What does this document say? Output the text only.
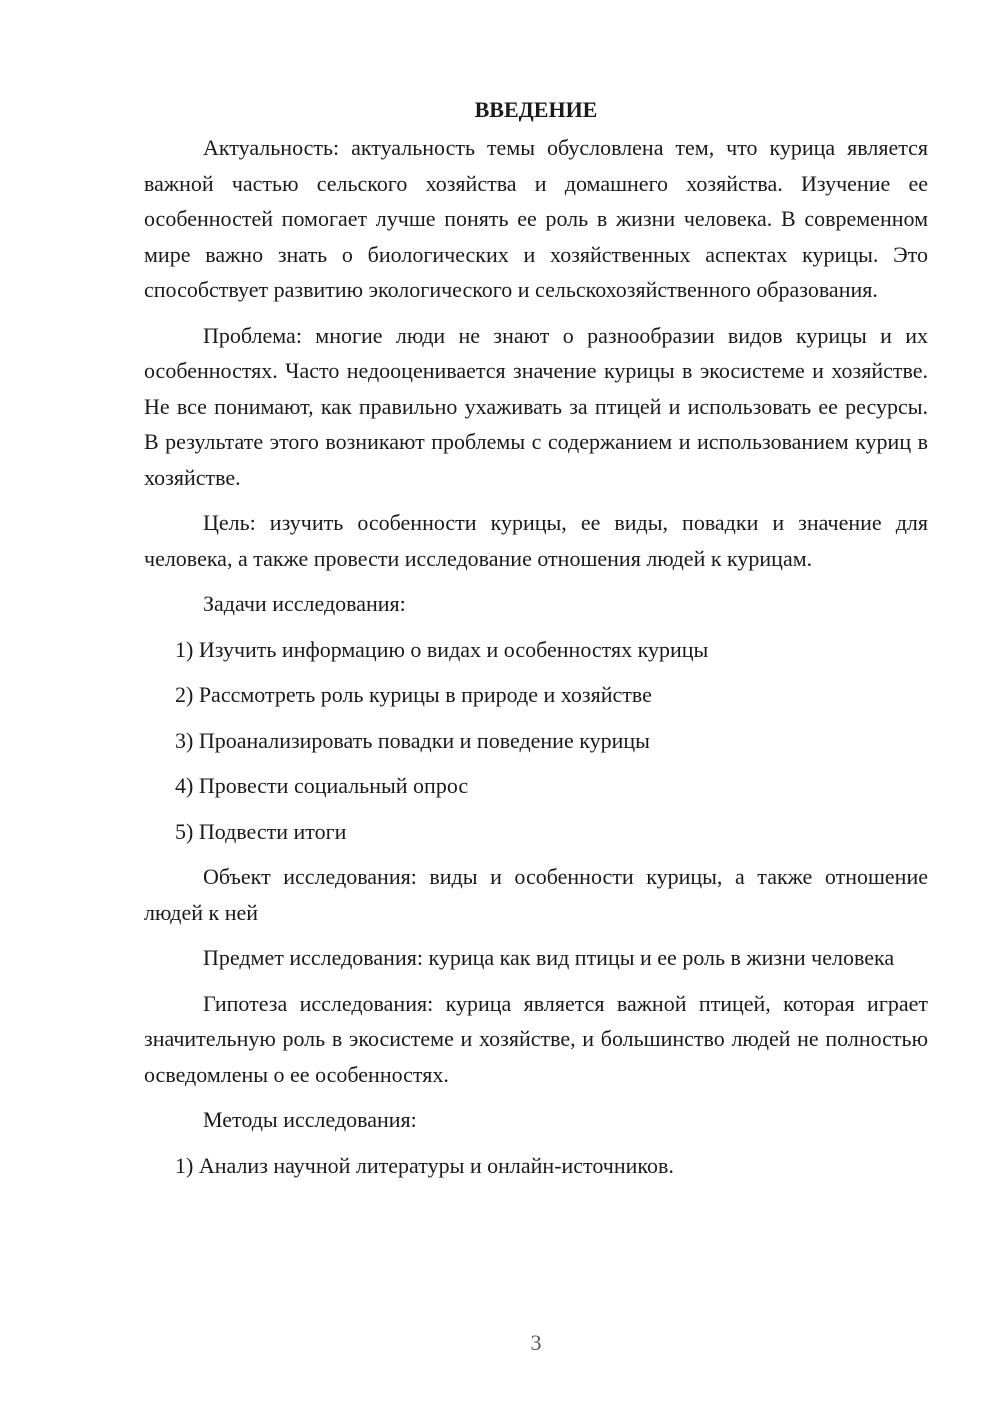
ВВЕДЕНИЕ

Актуальность: актуальность темы обусловлена тем, что курица является важной частью сельского хозяйства и домашнего хозяйства. Изучение ее особенностей помогает лучше понять ее роль в жизни человека. В современном мире важно знать о биологических и хозяйственных аспектах курицы. Это способствует развитию экологического и сельскохозяйственного образования.

Проблема: многие люди не знают о разнообразии видов курицы и их особенностях. Часто недооценивается значение курицы в экосистеме и хозяйстве. Не все понимают, как правильно ухаживать за птицей и использовать ее ресурсы. В результате этого возникают проблемы с содержанием и использованием куриц в хозяйстве.

Цель: изучить особенности курицы, ее виды, повадки и значение для человека, а также провести исследование отношения людей к курицам.

Задачи исследования:

1) Изучить информацию о видах и особенностях курицы

2) Рассмотреть роль курицы в природе и хозяйстве

3) Проанализировать повадки и поведение курицы

4) Провести социальный опрос

5) Подвести итоги

Объект исследования: виды и особенности курицы, а также отношение людей к ней

Предмет исследования: курица как вид птицы и ее роль в жизни человека

Гипотеза исследования: курица является важной птицей, которая играет значительную роль в экосистеме и хозяйстве, и большинство людей не полностью осведомлены о ее особенностях.

Методы исследования:

1) Анализ научной литературы и онлайн-источников.

3
